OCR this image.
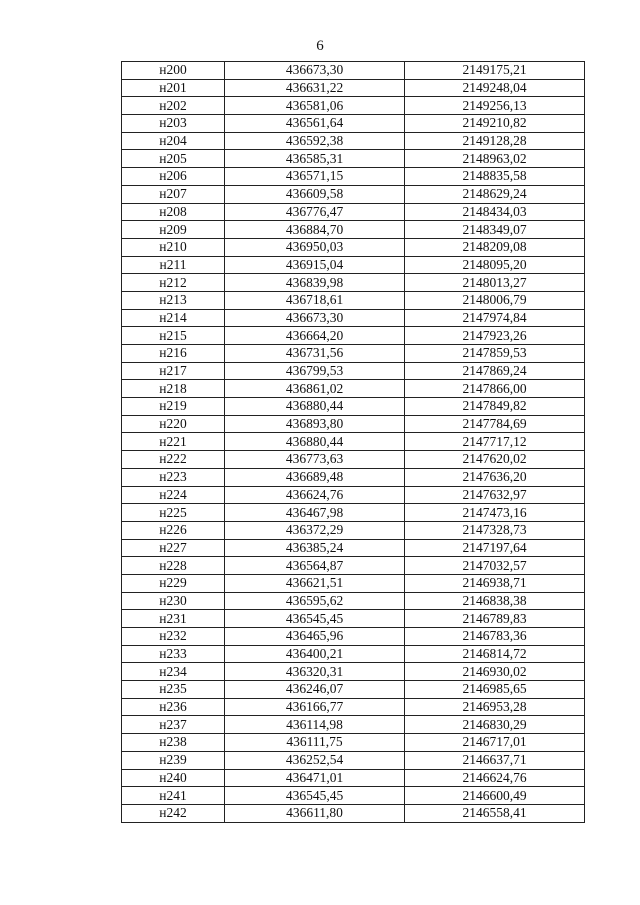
6
н200	436673,30	2149175,21
н201	436631,22	2149248,04
н202	436581,06	2149256,13
н203	436561,64	2149210,82
н204	436592,38	2149128,28
н205	436585,31	2148963,02
н206	436571,15	2148835,58
н207	436609,58	2148629,24
н208	436776,47	2148434,03
н209	436884,70	2148349,07
н210	436950,03	2148209,08
н211	436915,04	2148095,20
н212	436839,98	2148013,27
н213	436718,61	2148006,79
н214	436673,30	2147974,84
н215	436664,20	2147923,26
н216	436731,56	2147859,53
н217	436799,53	2147869,24
н218	436861,02	2147866,00
н219	436880,44	2147849,82
н220	436893,80	2147784,69
н221	436880,44	2147717,12
н222	436773,63	2147620,02
н223	436689,48	2147636,20
н224	436624,76	2147632,97
н225	436467,98	2147473,16
н226	436372,29	2147328,73
н227	436385,24	2147197,64
н228	436564,87	2147032,57
н229	436621,51	2146938,71
н230	436595,62	2146838,38
н231	436545,45	2146789,83
н232	436465,96	2146783,36
н233	436400,21	2146814,72
н234	436320,31	2146930,02
н235	436246,07	2146985,65
н236	436166,77	2146953,28
н237	436114,98	2146830,29
н238	436111,75	2146717,01
н239	436252,54	2146637,71
н240	436471,01	2146624,76
н241	436545,45	2146600,49
н242	436611,80	2146558,41
